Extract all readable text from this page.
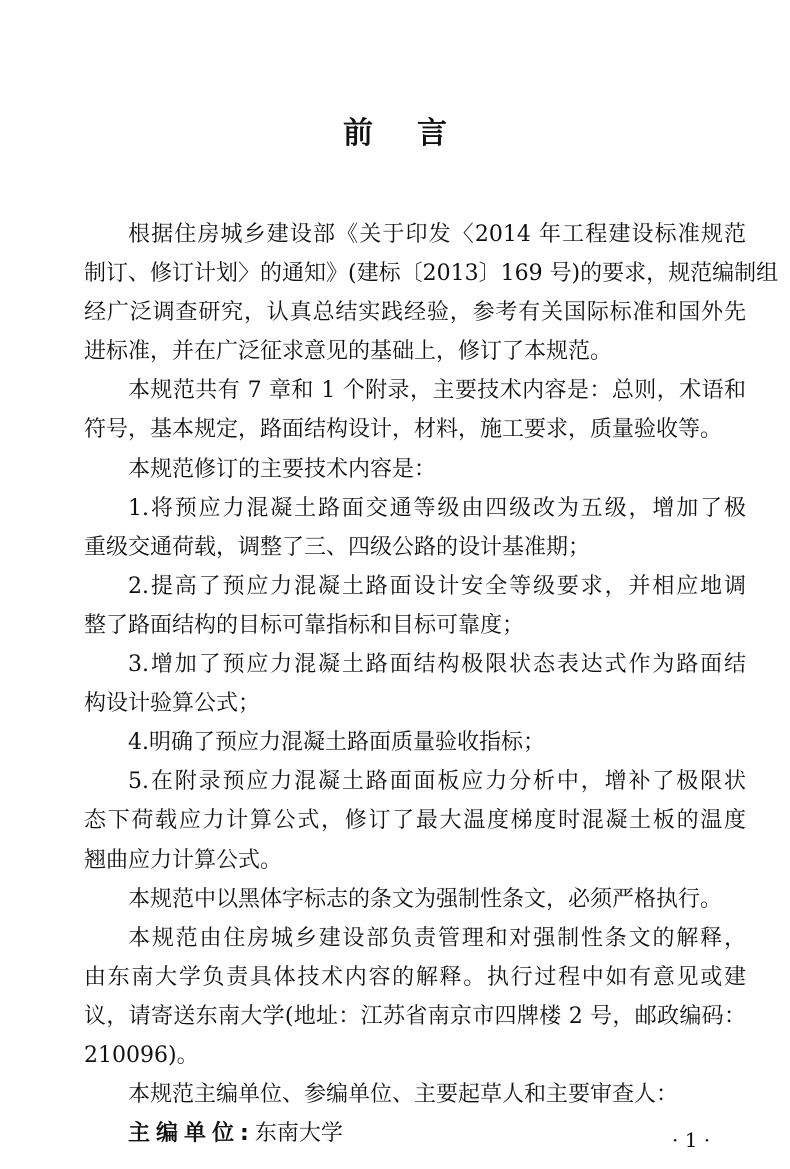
前言
根据住房城乡建设部《关于印发〈2014 年工程建设标准规范
制订、修订计划〉的通知》(建标〔2013〕169 号)的要求，规范编制组
经广泛调查研究，认真总结实践经验，参考有关国际标准和国外先
进标准，并在广泛征求意见的基础上，修订了本规范。
本规范共有 7 章和 1 个附录，主要技术内容是：总则，术语和
符号，基本规定，路面结构设计，材料，施工要求，质量验收等。
本规范修订的主要技术内容是：
1.将预应力混凝土路面交通等级由四级改为五级，增加了极
重级交通荷载，调整了三、四级公路的设计基准期；
2.提高了预应力混凝土路面设计安全等级要求，并相应地调
整了路面结构的目标可靠指标和目标可靠度；
3.增加了预应力混凝土路面结构极限状态表达式作为路面结
构设计验算公式；
4.明确了预应力混凝土路面质量验收指标；
5.在附录预应力混凝土路面面板应力分析中，增补了极限状
态下荷载应力计算公式，修订了最大温度梯度时混凝土板的温度
翘曲应力计算公式。
本规范中以黑体字标志的条文为强制性条文，必须严格执行。
本规范由住房城乡建设部负责管理和对强制性条文的解释，
由东南大学负责具体技术内容的解释。执行过程中如有意见或建
议，请寄送东南大学(地址：江苏省南京市四牌楼 2 号，邮政编码：
210096)。
本规范主编单位、参编单位、主要起草人和主要审查人：
主编单位:东南大学	· 1 ·
